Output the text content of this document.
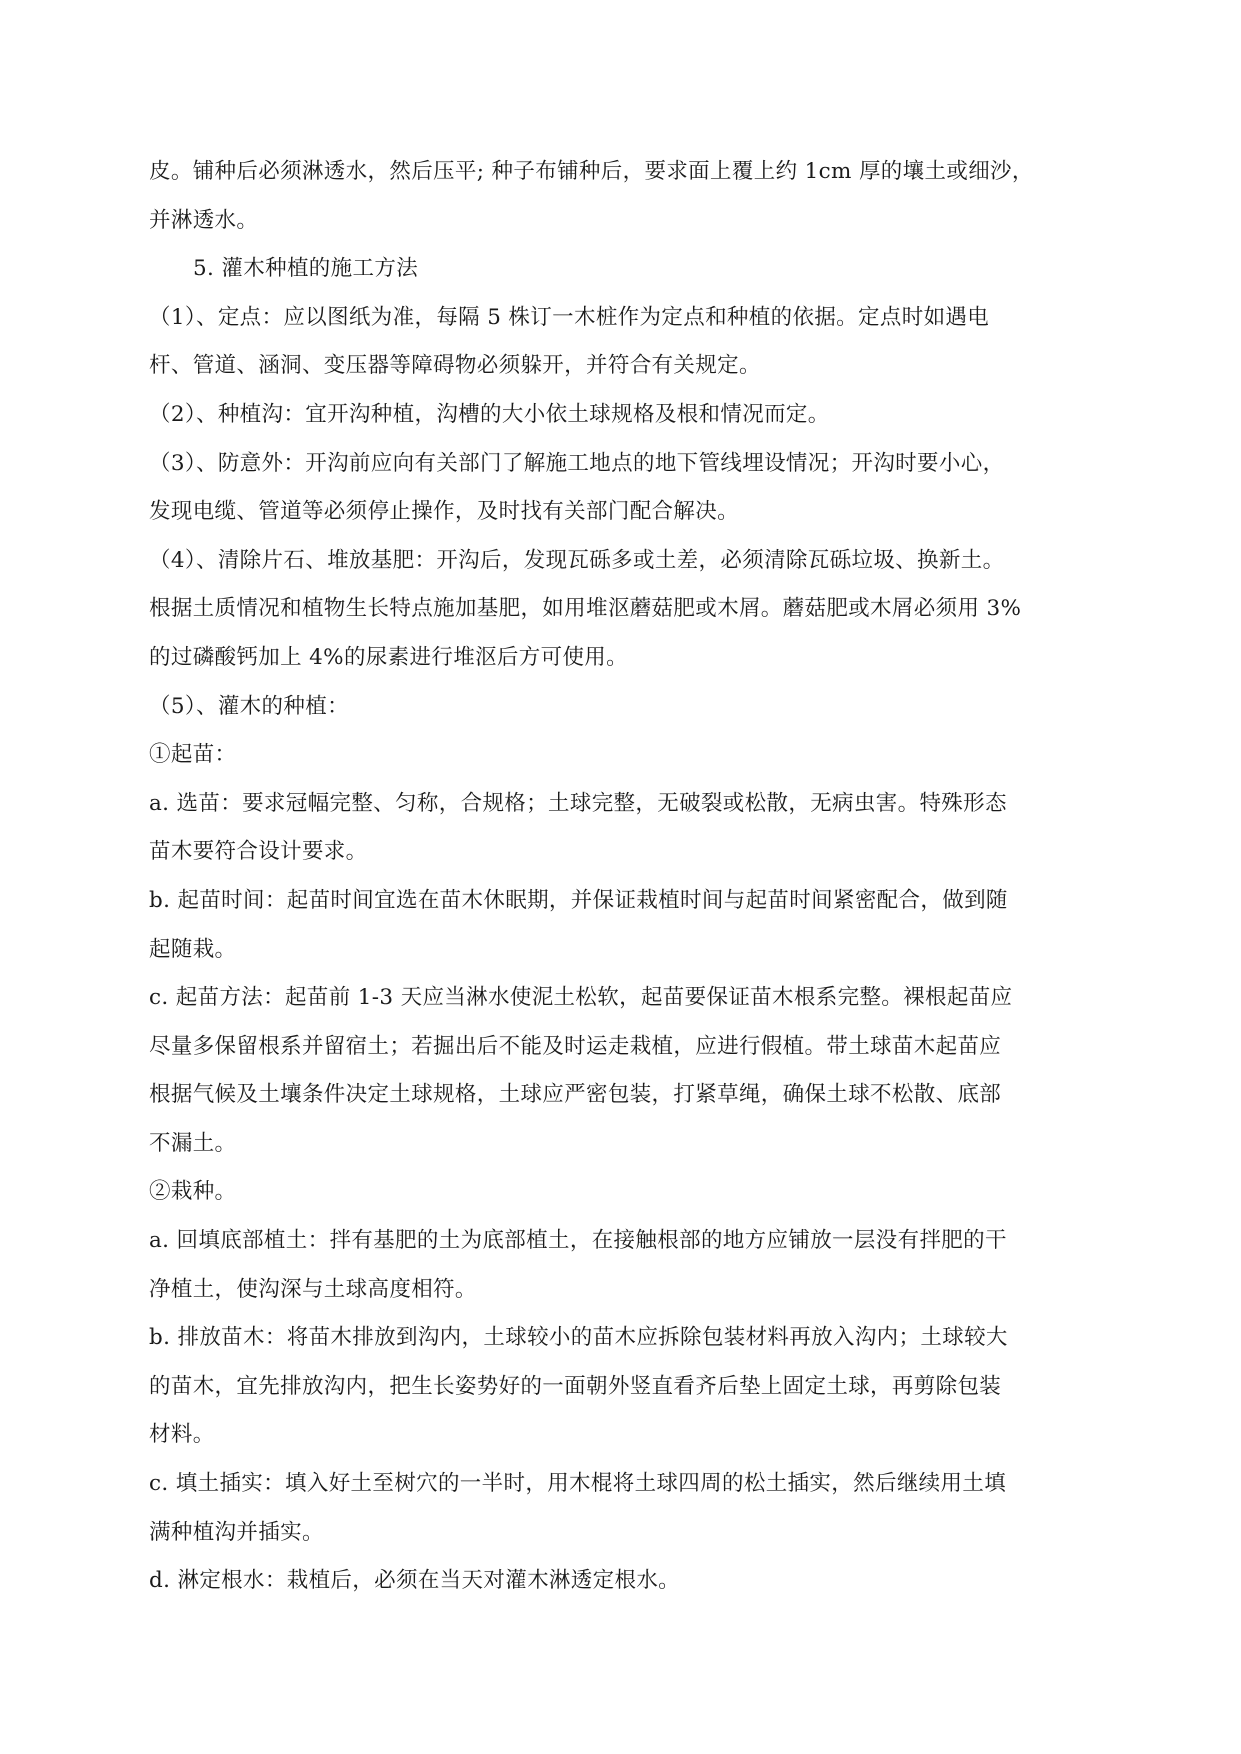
皮。铺种后必须淋透水，然后压平; 种子布铺种后，要求面上覆上约 1cm 厚的壤土或细沙，
并淋透水。
5. 灌木种植的施工方法
（1）、定点：应以图纸为准，每隔 5 株订一木桩作为定点和种植的依据。定点时如遇电
杆、管道、涵洞、变压器等障碍物必须躲开，并符合有关规定。
（2）、种植沟：宜开沟种植，沟槽的大小依土球规格及根和情况而定。
（3）、防意外：开沟前应向有关部门了解施工地点的地下管线埋设情况；开沟时要小心，
发现电缆、管道等必须停止操作，及时找有关部门配合解决。
（4）、清除片石、堆放基肥：开沟后，发现瓦砾多或土差，必须清除瓦砾垃圾、换新土。
根据土质情况和植物生长特点施加基肥，如用堆沤蘑菇肥或木屑。蘑菇肥或木屑必须用 3%
的过磷酸钙加上 4%的尿素进行堆沤后方可使用。
（5）、灌木的种植：
①起苗：
a. 选苗：要求冠幅完整、匀称，合规格；土球完整，无破裂或松散，无病虫害。特殊形态
苗木要符合设计要求。
b. 起苗时间：起苗时间宜选在苗木休眠期，并保证栽植时间与起苗时间紧密配合，做到随
起随栽。
c. 起苗方法：起苗前 1-3 天应当淋水使泥土松软，起苗要保证苗木根系完整。裸根起苗应
尽量多保留根系并留宿土；若掘出后不能及时运走栽植，应进行假植。带土球苗木起苗应
根据气候及土壤条件决定土球规格，土球应严密包装，打紧草绳，确保土球不松散、底部
不漏土。
②栽种。
a. 回填底部植土：拌有基肥的土为底部植土，在接触根部的地方应铺放一层没有拌肥的干
净植土，使沟深与土球高度相符。
b. 排放苗木：将苗木排放到沟内，土球较小的苗木应拆除包装材料再放入沟内；土球较大
的苗木，宜先排放沟内，把生长姿势好的一面朝外竖直看齐后垫上固定土球，再剪除包装
材料。
c. 填土插实：填入好土至树穴的一半时，用木棍将土球四周的松土插实，然后继续用土填
满种植沟并插实。
d. 淋定根水：栽植后，必须在当天对灌木淋透定根水。
